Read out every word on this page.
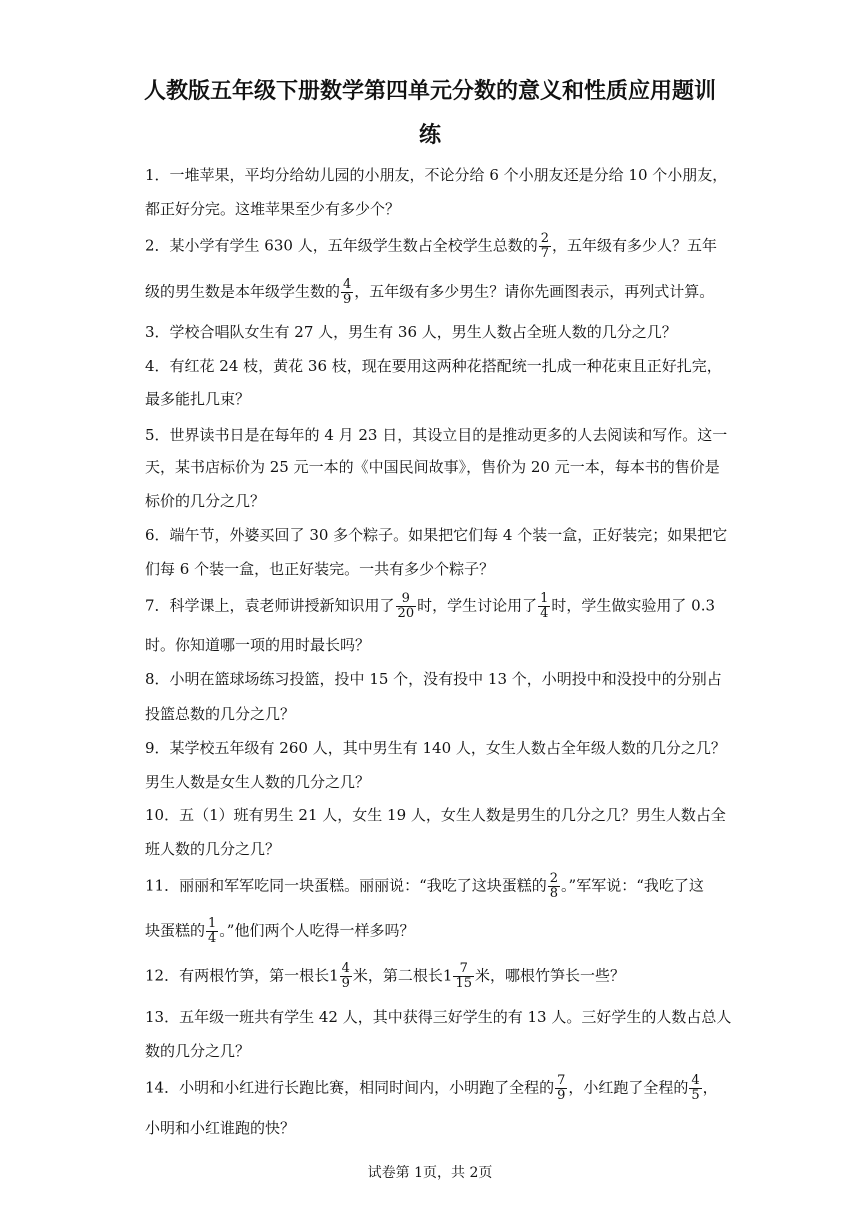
人教版五年级下册数学第四单元分数的意义和性质应用题训
练
1．一堆苹果，平均分给幼儿园的小朋友，不论分给 6 个小朋友还是分给 10 个小朋友，
都正好分完。这堆苹果至少有多少个？
2．某小学有学生 630 人，五年级学生数占全校学生总数的 $\frac{2}{7}$ ，五年级有多少人？五年
级的男生数是本年级学生数的 $\frac{4}{9}$ ，五年级有多少男生？请你先画图表示，再列式计算。
3．学校合唱队女生有 27 人，男生有 36 人，男生人数占全班人数的几分之几？
4．有红花 24 枝，黄花 36 枝，现在要用这两种花搭配统一扎成一种花束且正好扎完，
最多能扎几束？
5．世界读书日是在每年的 4 月 23 日，其设立目的是推动更多的人去阅读和写作。这一
天，某书店标价为 25 元一本的《中国民间故事》，售价为 20 元一本，每本书的售价是
标价的几分之几？
6．端午节，外婆买回了 30 多个粽子。如果把它们每 4 个装一盒，正好装完；如果把它
们每 6 个装一盒，也正好装完。一共有多少个粽子？
7．科学课上，袁老师讲授新知识用了 $\frac{9}{20}$ 时，学生讨论用了 $\frac{1}{4}$ 时，学生做实验用了 0.3
时。你知道哪一项的用时最长吗？
8．小明在篮球场练习投篮，投中 15 个，没有投中 13 个，小明投中和没投中的分别占
投篮总数的几分之几？
9．某学校五年级有 260 人，其中男生有 140 人，女生人数占全年级人数的几分之几？
男生人数是女生人数的几分之几？
10．五（1）班有男生 21 人，女生 19 人，女生人数是男生的几分之几？男生人数占全
班人数的几分之几？
11．丽丽和军军吃同一块蛋糕。丽丽说：“我吃了这块蛋糕的 $\frac{2}{8}$ 。”军军说：“我吃了这
块蛋糕的 $\frac{1}{4}$ 。”他们两个人吃得一样多吗？
12．有两根竹笋，第一根长$1 \frac{4}{9}$ 米，第二根长$1 \frac{7}{15}$ 米，哪根竹笋长一些？
13．五年级一班共有学生 42 人，其中获得三好学生的有 13 人。三好学生的人数占总人
数的几分之几？
14．小明和小红进行长跑比赛，相同时间内，小明跑了全程的 $\frac{7}{9}$ ，小红跑了全程的 $\frac{4}{5}$ ，
小明和小红谁跑的快？
试卷第 1页，共 2页
